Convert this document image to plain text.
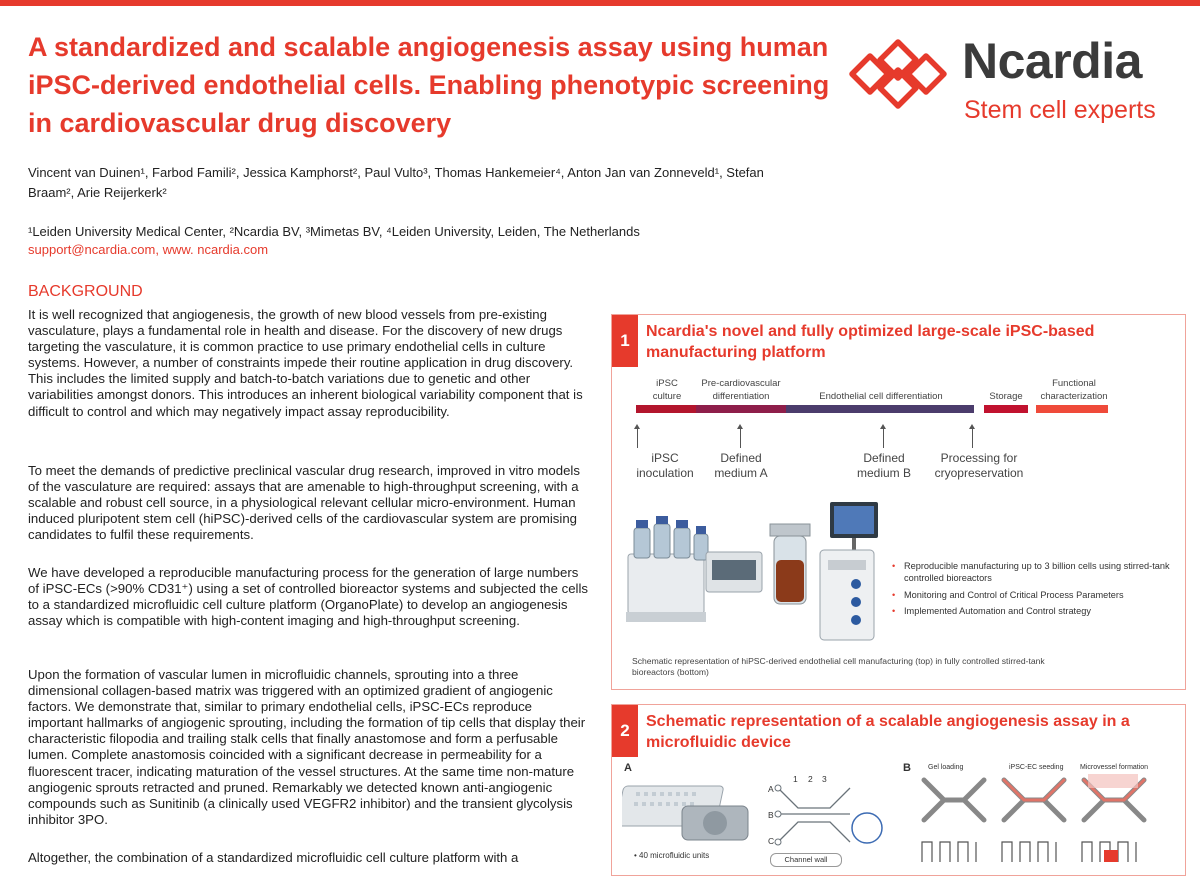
A standardized and scalable angiogenesis assay using human iPSC-derived endothelial cells. Enabling phenotypic screening in cardiovascular drug discovery
Ncardia
Stem cell experts

Vincent van Duinen¹, Farbod Famili², Jessica Kamphorst², Paul Vulto³, Thomas Hankemeier⁴, Anton Jan van Zonneveld¹, Stefan Braam², Arie Reijerkerk²

¹Leiden University Medical Center, ²Ncardia BV, ³Mimetas BV, ⁴Leiden University, Leiden, The Netherlands

support@ncardia.com, www. ncardia.com

BACKGROUND

It is well recognized that angiogenesis, the growth of new blood vessels from pre-existing vasculature, plays a fundamental role in health and disease. For the discovery of new drugs targeting the vasculature, it is common practice to use primary endothelial cells in culture systems. However, a number of constraints impede their routine application in drug discovery. This includes the limited supply and batch-to-batch variations due to genetic and other variabilities amongst donors. This introduces an inherent biological variability component that is difficult to control and which may negatively impact assay reproducibility.

To meet the demands of predictive preclinical vascular drug research, improved in vitro models of the vasculature are required: assays that are amenable to high-throughput screening, with a scalable and robust cell source, in a physiological relevant cellular micro-environment. Human induced pluripotent stem cell (hiPSC)-derived cells of the cardiovascular system are promising candidates to fulfil these requirements.

We have developed a reproducible manufacturing process for the generation of large numbers of iPSC-ECs (>90% CD31⁺) using a set of controlled bioreactor systems and subjected the cells to a standardized microfluidic cell culture platform (OrganoPlate) to develop an angiogenesis assay which is compatible with high-content imaging and high-throughput screening.

Upon the formation of vascular lumen in microfluidic channels, sprouting into a three dimensional collagen-based matrix was triggered with an optimized gradient of angiogenic factors. We demonstrate that, similar to primary endothelial cells, iPSC-ECs reproduce important hallmarks of angiogenic sprouting, including the formation of tip cells that display their characteristic filopodia and trailing stalk cells that finally anastomose and form a perfusable lumen. Complete anastomosis coincided with a significant decrease in permeability for a fluorescent tracer, indicating maturation of the vessel structures. At the same time non-mature angiogenic sprouts retracted and pruned. Remarkably we detected known anti-angiogenic compounds such as Sunitinib (a clinically used VEGFR2 inhibitor) and the transient glycolysis inhibitor 3PO.

Altogether, the combination of a standardized microfluidic cell culture platform with a

1	Ncardia's novel and fully optimized large-scale iPSC-based manufacturing platform

iPSC
culture
Pre-cardiovascular
differentiation	Endothelial cell differentiation	Storage
Functional
characterization
iPSC
inoculation
Defined
medium A
Defined
medium B
Processing for
cryopreservation
• Reproducible manufacturing up to 3 billion cells using stirred-tank controlled bioreactors
• Monitoring and Control of Critical Process Parameters
• Implemented Automation and Control strategy

Schematic representation of hiPSC-derived endothelial cell manufacturing (top) in fully controlled stirred-tank bioreactors (bottom)

2	Schematic representation of a scalable angiogenesis assay in a microfluidic device

A	B
1 2 3
A
B
C
• 40 microfluidic units	Channel wall
Gel loading	iPSC-EC seeding Microvessel formation
